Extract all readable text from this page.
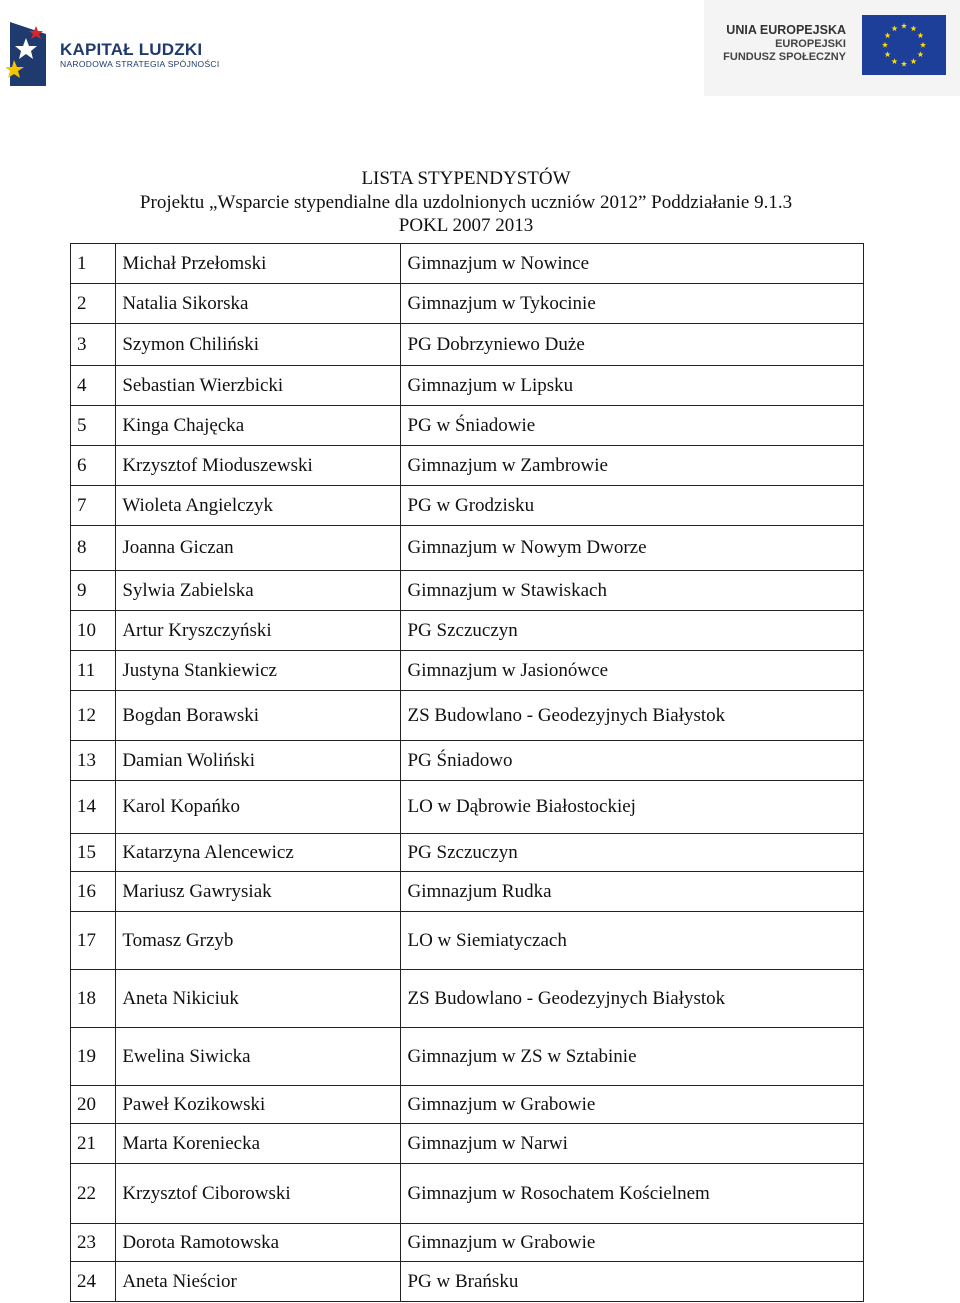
KAPITAŁ LUDZKI
NARODOWA STRATEGIA SPÓJNOŚCI
UNIA EUROPEJSKA
EUROPEJSKI
FUNDUSZ SPOŁECZNY
LISTA STYPENDYSTÓW
Projektu „Wsparcie stypendialne dla uzdolnionych uczniów 2012” Poddziałanie 9.1.3
POKL 2007 2013
1	Michał Przełomski	Gimnazjum w Nowince
2	Natalia Sikorska	Gimnazjum w Tykocinie
3	Szymon Chiliński	PG Dobrzyniewo Duże
4	Sebastian Wierzbicki	Gimnazjum w Lipsku
5	Kinga Chajęcka	PG w Śniadowie
6	Krzysztof Mioduszewski	Gimnazjum w Zambrowie
7	Wioleta Angielczyk	PG w Grodzisku
8	Joanna Giczan	Gimnazjum w Nowym Dworze
9	Sylwia Zabielska	Gimnazjum w Stawiskach
10	Artur Kryszczyński	PG Szczuczyn
11	Justyna Stankiewicz	Gimnazjum w Jasionówce
12	Bogdan Borawski	ZS Budowlano - Geodezyjnych Białystok
13	Damian Woliński	PG Śniadowo
14	Karol Kopańko	LO w Dąbrowie Białostockiej
15	Katarzyna Alencewicz	PG Szczuczyn
16	Mariusz Gawrysiak	Gimnazjum Rudka
17	Tomasz Grzyb	LO w Siemiatyczach
18	Aneta Nikiciuk	ZS Budowlano - Geodezyjnych Białystok
19	Ewelina Siwicka	Gimnazjum w ZS w Sztabinie
20	Paweł Kozikowski	Gimnazjum w Grabowie
21	Marta Koreniecka	Gimnazjum w Narwi
22	Krzysztof Ciborowski	Gimnazjum w Rosochatem Kościelnem
23	Dorota Ramotowska	Gimnazjum w Grabowie
24	Aneta Nieścior	PG w Brańsku
